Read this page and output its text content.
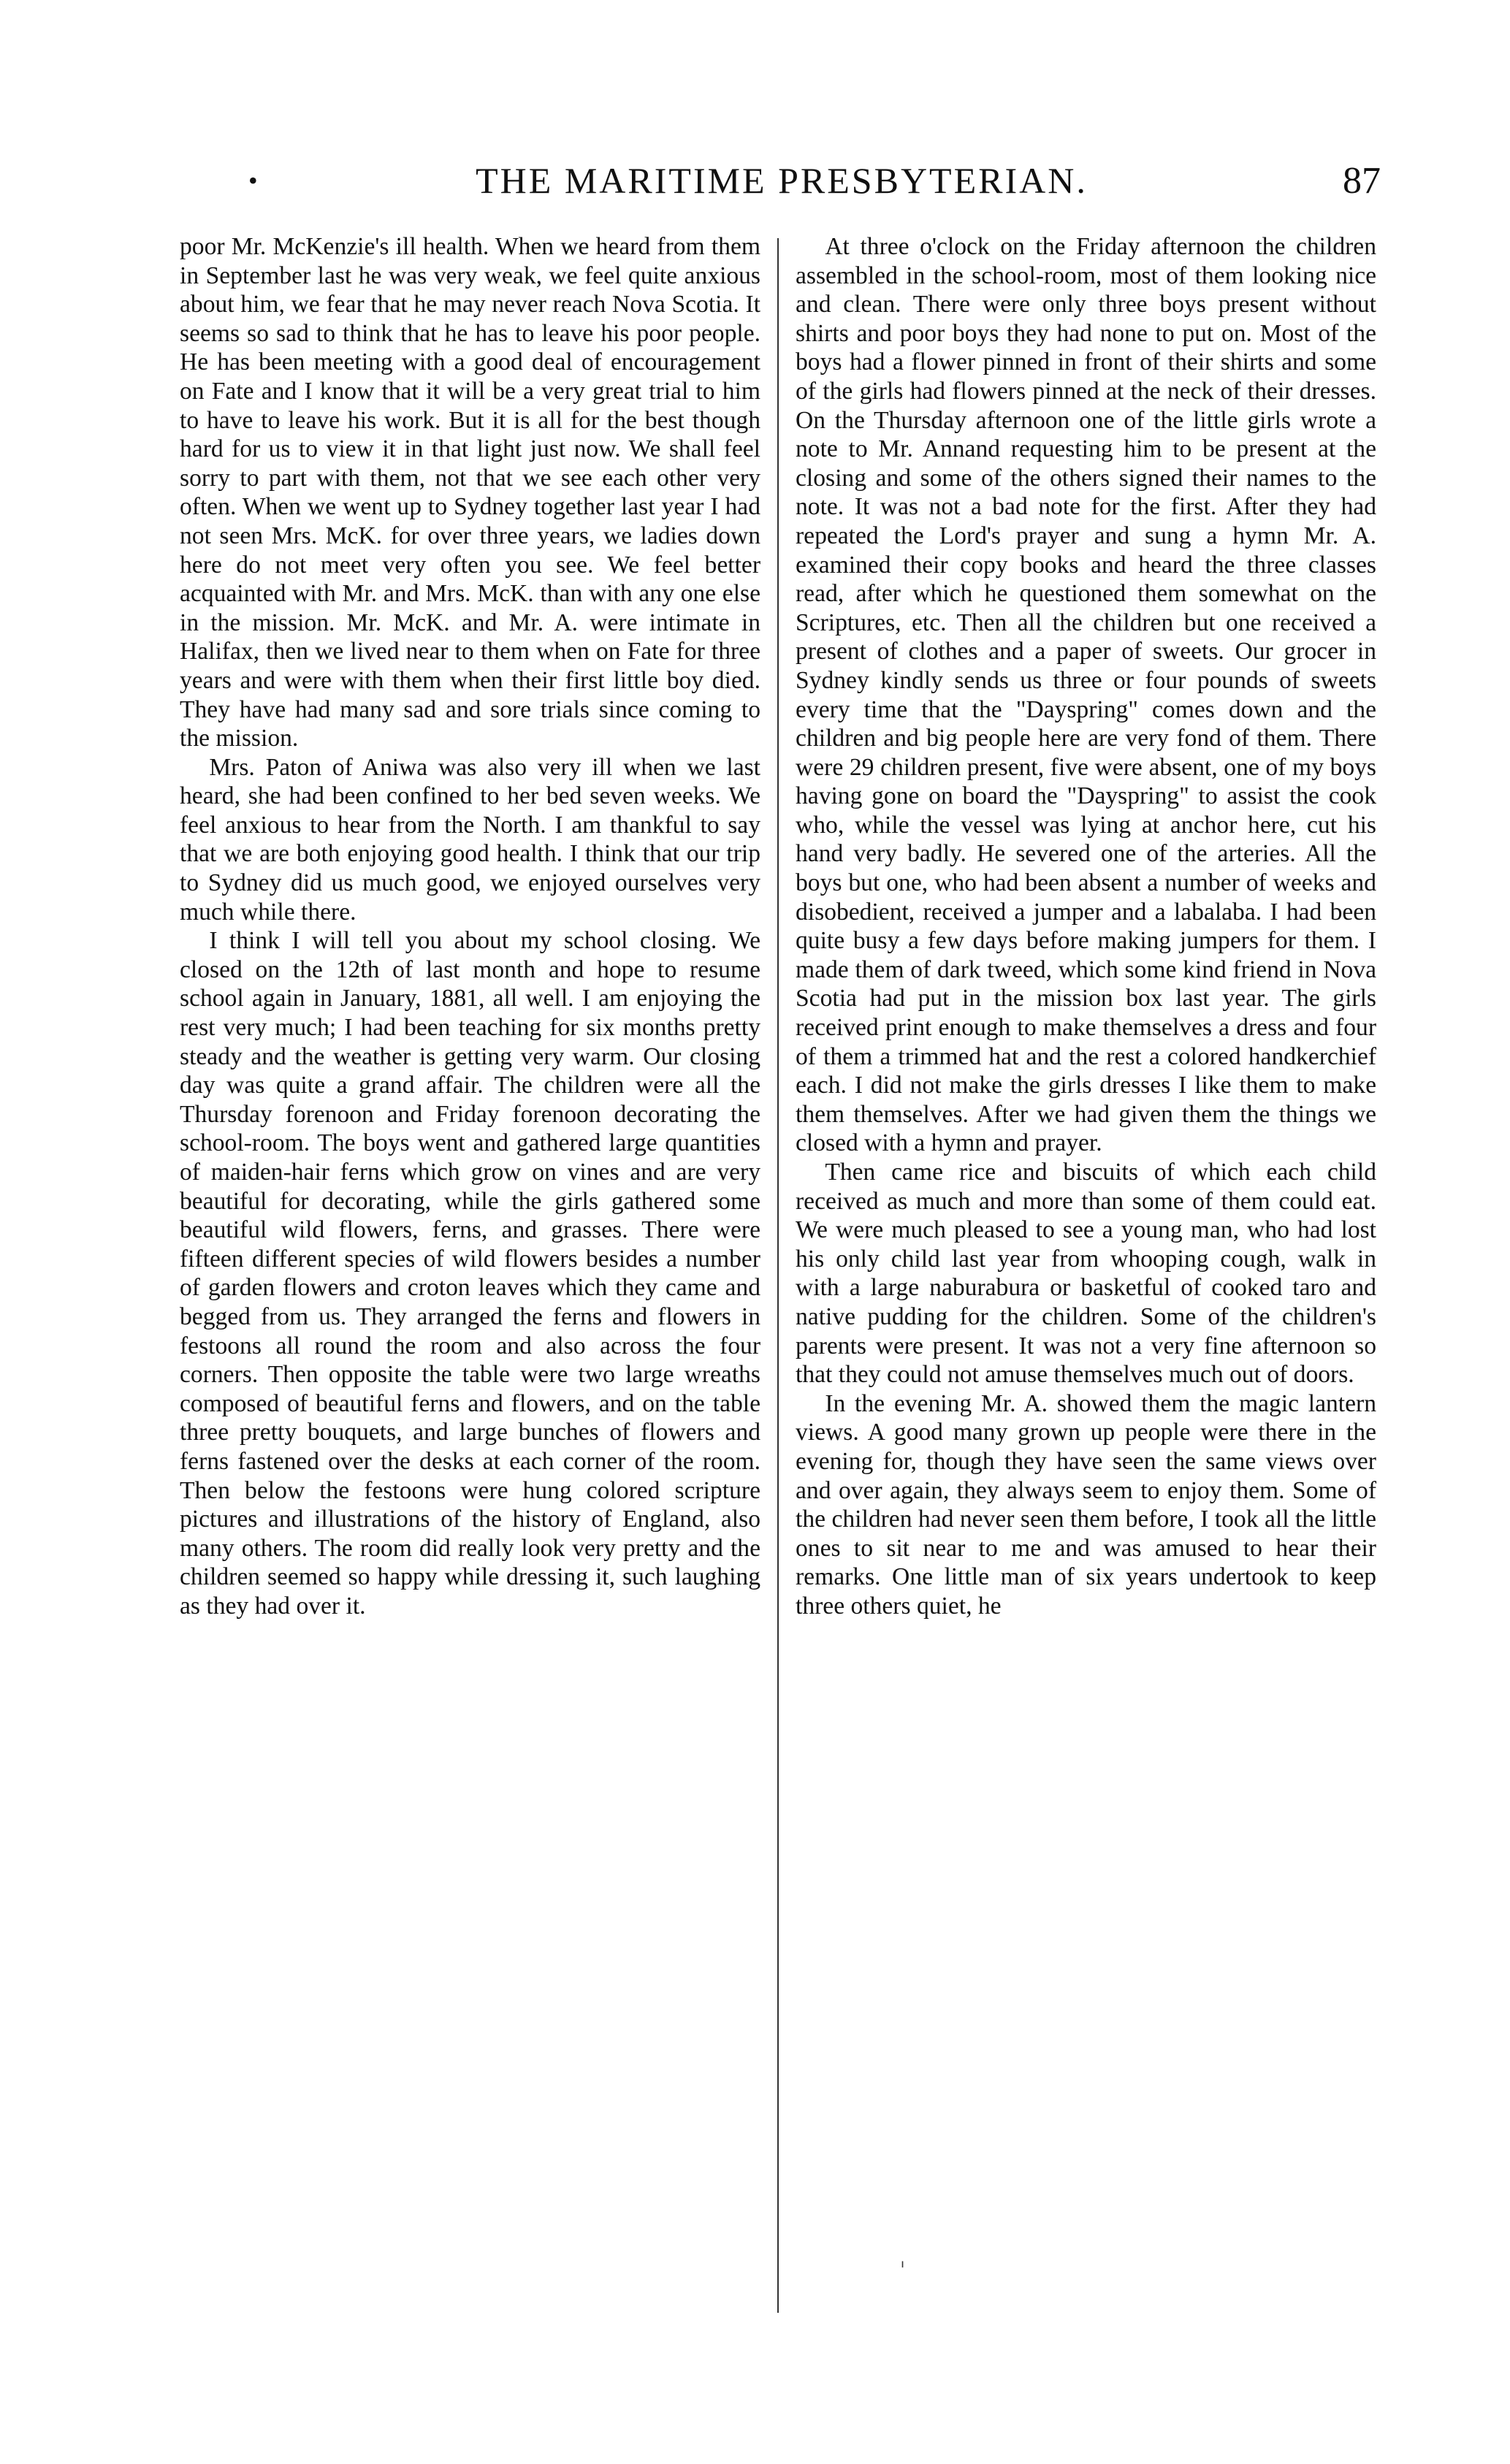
•	THE MARITIME PRESBYTERIAN.	87

poor Mr. McKenzie's ill health. When we heard from them in September last he was very weak, we feel quite anxious about him, we fear that he may never reach Nova Scotia. It seems so sad to think that he has to leave his poor people. He has been meeting with a good deal of encouragement on Fate and I know that it will be a very great trial to him to have to leave his work. But it is all for the best though hard for us to view it in that light just now. We shall feel sorry to part with them, not that we see each other very often. When we went up to Sydney together last year I had not seen Mrs. McK. for over three years, we ladies down here do not meet very often you see. We feel better acquainted with Mr. and Mrs. McK. than with any one else in the mission. Mr. McK. and Mr. A. were intimate in Halifax, then we lived near to them when on Fate for three years and were with them when their first little boy died. They have had many sad and sore trials since coming to the mission.

Mrs. Paton of Aniwa was also very ill when we last heard, she had been confined to her bed seven weeks. We feel anxious to hear from the North. I am thankful to say that we are both enjoying good health. I think that our trip to Sydney did us much good, we enjoyed ourselves very much while there.

I think I will tell you about my school closing. We closed on the 12th of last month and hope to resume school again in January, 1881, all well. I am enjoying the rest very much; I had been teaching for six months pretty steady and the weather is getting very warm. Our closing day was quite a grand affair. The children were all the Thursday forenoon and Friday forenoon decorating the school-room. The boys went and gathered large quantities of maiden-hair ferns which grow on vines and are very beautiful for decorating, while the girls gathered some beautiful wild flowers, ferns, and grasses. There were fifteen different species of wild flowers besides a number of garden flowers and croton leaves which they came and begged from us. They arranged the ferns and flowers in festoons all round the room and also across the four corners. Then opposite the table were two large wreaths composed of beautiful ferns and flowers, and on the table three pretty bouquets, and large bunches of flowers and ferns fastened over the desks at each corner of the room. Then below the festoons were hung colored scripture pictures and illustrations of the history of England, also many others. The room did really look very pretty and the children seemed so happy while dressing it, such laughing as they had over it.

At three o'clock on the Friday afternoon the children assembled in the school-room, most of them looking nice and clean. There were only three boys present without shirts and poor boys they had none to put on. Most of the boys had a flower pinned in front of their shirts and some of the girls had flowers pinned at the neck of their dresses. On the Thursday afternoon one of the little girls wrote a note to Mr. Annand requesting him to be present at the closing and some of the others signed their names to the note. It was not a bad note for the first. After they had repeated the Lord's prayer and sung a hymn Mr. A. examined their copy books and heard the three classes read, after which he questioned them somewhat on the Scriptures, etc. Then all the children but one received a present of clothes and a paper of sweets. Our grocer in Sydney kindly sends us three or four pounds of sweets every time that the "Dayspring" comes down and the children and big people here are very fond of them. There were 29 children present, five were absent, one of my boys having gone on board the "Dayspring" to assist the cook who, while the vessel was lying at anchor here, cut his hand very badly. He severed one of the arteries. All the boys but one, who had been absent a number of weeks and disobedient, received a jumper and a labalaba. I had been quite busy a few days before making jumpers for them. I made them of dark tweed, which some kind friend in Nova Scotia had put in the mission box last year. The girls received print enough to make themselves a dress and four of them a trimmed hat and the rest a colored handkerchief each. I did not make the girls dresses I like them to make them themselves. After we had given them the things we closed with a hymn and prayer.

Then came rice and biscuits of which each child received as much and more than some of them could eat. We were much pleased to see a young man, who had lost his only child last year from whooping cough, walk in with a large naburabura or basketful of cooked taro and native pudding for the children. Some of the children's parents were present. It was not a very fine afternoon so that they could not amuse themselves much out of doors.

In the evening Mr. A. showed them the magic lantern views. A good many grown up people were there in the evening for, though they have seen the same views over and over again, they always seem to enjoy them. Some of the children had never seen them before, I took all the little ones to sit near to me and was amused to hear their remarks. One little man of six years undertook to keep three others quiet, he
